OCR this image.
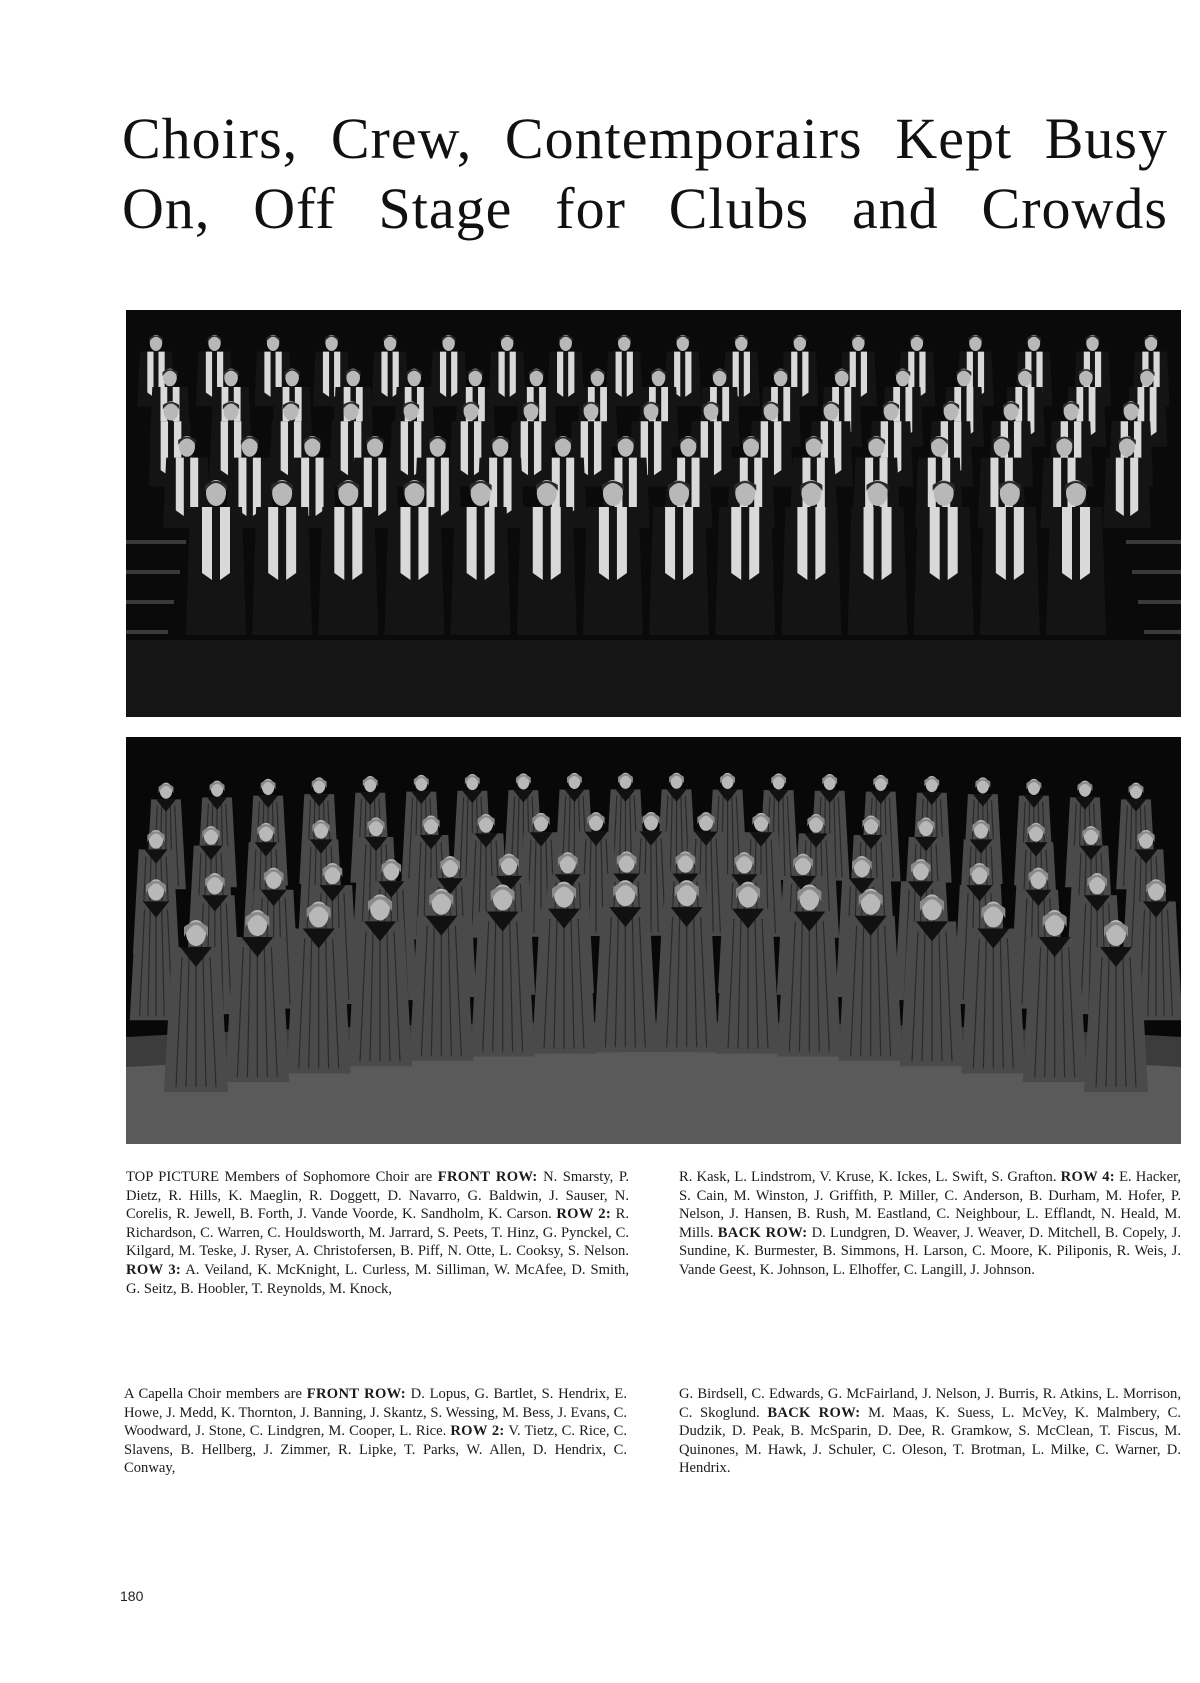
Choirs, Crew, Contemporairs Kept Busy
On, Off Stage for Clubs and Crowds

TOP PICTURE Members of Sophomore Choir are FRONT ROW: N. Smarsty, P. Dietz, R. Hills, K. Maeglin, R. Doggett, D. Navarro, G. Baldwin, J. Sauser, N. Corelis, R. Jewell, B. Forth, J. Vande Voorde, K. Sandholm, K. Carson. ROW 2: R. Richardson, C. Warren, C. Houldsworth, M. Jarrard, S. Peets, T. Hinz, G. Pynckel, C. Kilgard, M. Teske, J. Ryser, A. Christofersen, B. Piff, N. Otte, L. Cooksy, S. Nelson. ROW 3: A. Veiland, K. McKnight, L. Curless, M. Silliman, W. McAfee, D. Smith, G. Seitz, B. Hoobler, T. Reynolds, M. Knock,

R. Kask, L. Lindstrom, V. Kruse, K. Ickes, L. Swift, S. Grafton. ROW 4: E. Hacker, S. Cain, M. Winston, J. Griffith, P. Miller, C. Anderson, B. Durham, M. Hofer, P. Nelson, J. Hansen, B. Rush, M. Eastland, C. Neighbour, L. Efflandt, N. Heald, M. Mills. BACK ROW: D. Lundgren, D. Weaver, J. Weaver, D. Mitchell, B. Copely, J. Sundine, K. Burmester, B. Simmons, H. Larson, C. Moore, K. Piliponis, R. Weis, J. Vande Geest, K. Johnson, L. Elhoffer, C. Langill, J. Johnson.

A Capella Choir members are FRONT ROW: D. Lopus, G. Bartlet, S. Hendrix, E. Howe, J. Medd, K. Thornton, J. Banning, J. Skantz, S. Wessing, M. Bess, J. Evans, C. Woodward, J. Stone, C. Lindgren, M. Cooper, L. Rice. ROW 2: V. Tietz, C. Rice, C. Slavens, B. Hellberg, J. Zimmer, R. Lipke, T. Parks, W. Allen, D. Hendrix, C. Conway,

G. Birdsell, C. Edwards, G. McFairland, J. Nelson, J. Burris, R. Atkins, L. Morrison, C. Skoglund. BACK ROW: M. Maas, K. Suess, L. McVey, K. Malmbery, C. Dudzik, D. Peak, B. McSparin, D. Dee, R. Gramkow, S. McClean, T. Fiscus, M. Quinones, M. Hawk, J. Schuler, C. Oleson, T. Brotman, L. Milke, C. Warner, D. Hendrix.

180
